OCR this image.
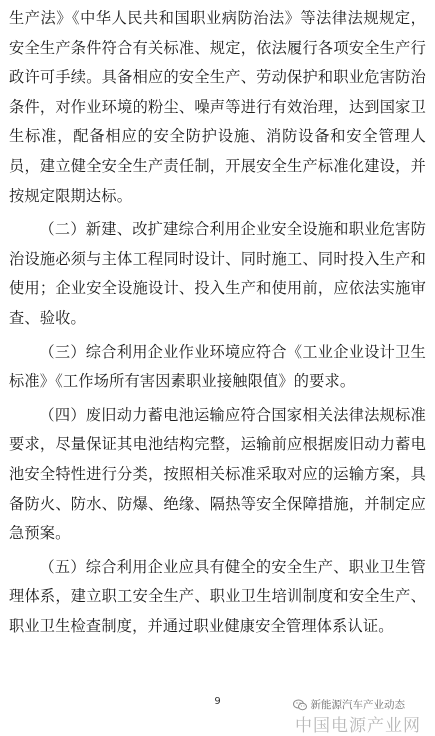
生产法》《中华人民共和国职业病防治法》等法律法规规定，安全生产条件符合有关标准、规定，依法履行各项安全生产行政许可手续。具备相应的安全生产、劳动保护和职业危害防治条件，对作业环境的粉尘、噪声等进行有效治理，达到国家卫生标准，配备相应的安全防护设施、消防设备和安全管理人员，建立健全安全生产责任制，开展安全生产标准化建设，并按规定限期达标。

（二）新建、改扩建综合利用企业安全设施和职业危害防治设施必须与主体工程同时设计、同时施工、同时投入生产和使用；企业安全设施设计、投入生产和使用前，应依法实施审查、验收。

（三）综合利用企业作业环境应符合《工业企业设计卫生标准》《工作场所有害因素职业接触限值》的要求。

（四）废旧动力蓄电池运输应符合国家相关法律法规标准要求，尽量保证其电池结构完整，运输前应根据废旧动力蓄电池安全特性进行分类，按照相关标准采取对应的运输方案，具备防火、防水、防爆、绝缘、隔热等安全保障措施，并制定应急预案。

（五）综合利用企业应具有健全的安全生产、职业卫生管理体系，建立职工安全生产、职业卫生培训制度和安全生产、职业卫生检查制度，并通过职业健康安全管理体系认证。

9	新能源汽车产业动态
中国电源产业网
